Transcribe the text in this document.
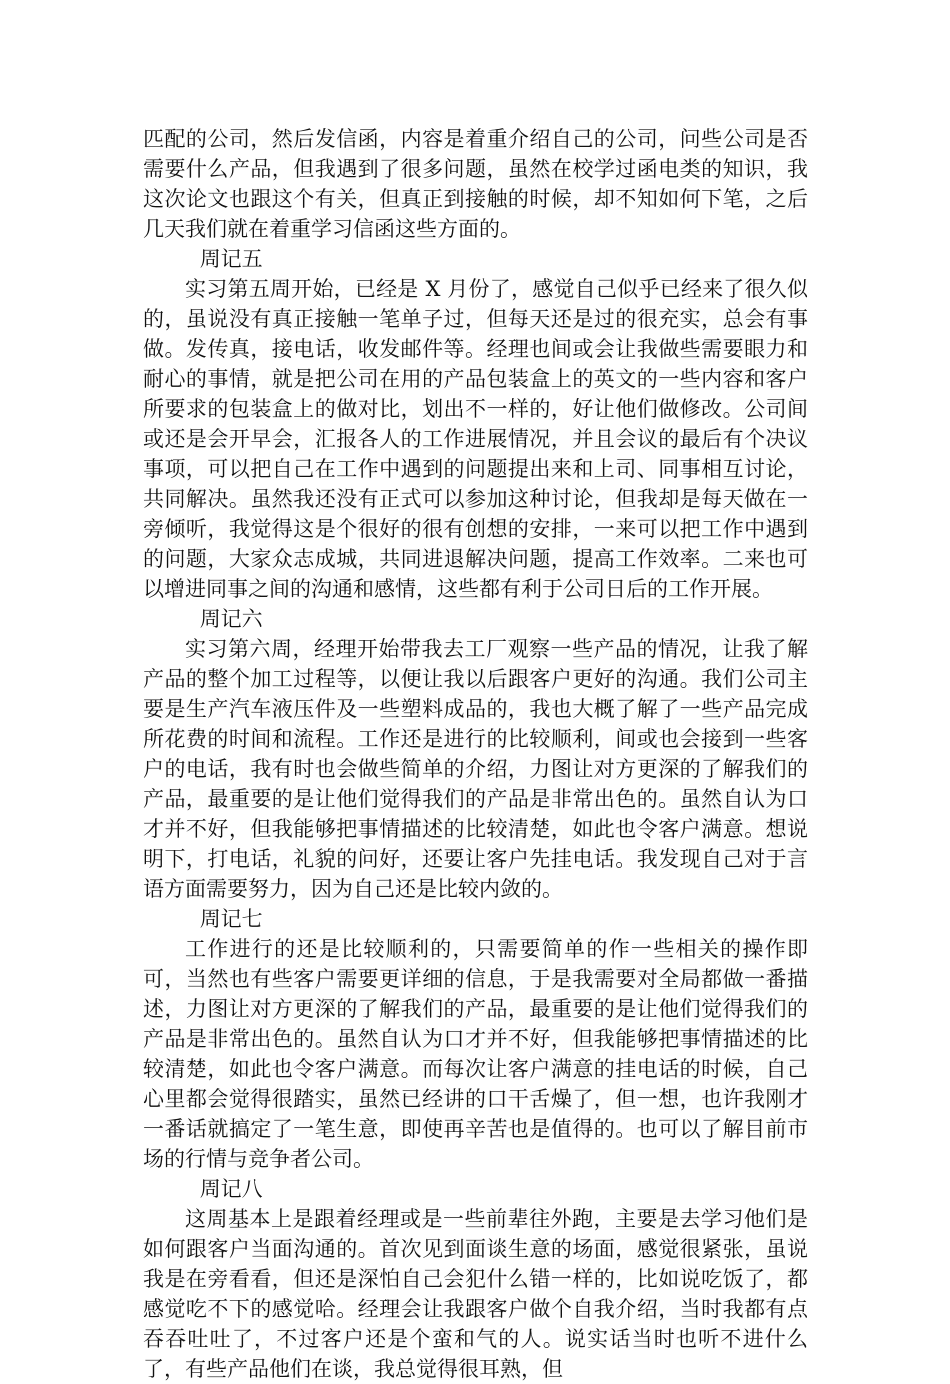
匹配的公司，然后发信函，内容是着重介绍自己的公司，问些公司是否需要什么产品，但我遇到了很多问题，虽然在校学过函电类的知识，我这次论文也跟这个有关，但真正到接触的时候，却不知如何下笔，之后几天我们就在着重学习信函这些方面的。

周记五

实习第五周开始，已经是 X 月份了，感觉自己似乎已经来了很久似的，虽说没有真正接触一笔单子过，但每天还是过的很充实，总会有事做。发传真，接电话，收发邮件等。经理也间或会让我做些需要眼力和耐心的事情，就是把公司在用的产品包装盒上的英文的一些内容和客户所要求的包装盒上的做对比，划出不一样的，好让他们做修改。公司间或还是会开早会，汇报各人的工作进展情况，并且会议的最后有个决议事项，可以把自己在工作中遇到的问题提出来和上司、同事相互讨论，共同解决。虽然我还没有正式可以参加这种讨论，但我却是每天做在一旁倾听，我觉得这是个很好的很有创想的安排，一来可以把工作中遇到的问题，大家众志成城，共同进退解决问题，提高工作效率。二来也可以增进同事之间的沟通和感情，这些都有利于公司日后的工作开展。

周记六

实习第六周，经理开始带我去工厂观察一些产品的情况，让我了解产品的整个加工过程等，以便让我以后跟客户更好的沟通。我们公司主要是生产汽车液压件及一些塑料成品的，我也大概了解了一些产品完成所花费的时间和流程。工作还是进行的比较顺利，间或也会接到一些客户的电话，我有时也会做些简单的介绍，力图让对方更深的了解我们的产品，最重要的是让他们觉得我们的产品是非常出色的。虽然自认为口才并不好，但我能够把事情描述的比较清楚，如此也令客户满意。想说明下，打电话，礼貌的问好，还要让客户先挂电话。我发现自己对于言语方面需要努力，因为自己还是比较内敛的。

周记七

工作进行的还是比较顺利的，只需要简单的作一些相关的操作即可，当然也有些客户需要更详细的信息，于是我需要对全局都做一番描述，力图让对方更深的了解我们的产品，最重要的是让他们觉得我们的产品是非常出色的。虽然自认为口才并不好，但我能够把事情描述的比较清楚，如此也令客户满意。而每次让客户满意的挂电话的时候，自己心里都会觉得很踏实，虽然已经讲的口干舌燥了，但一想，也许我刚才一番话就搞定了一笔生意，即使再辛苦也是值得的。也可以了解目前市场的行情与竞争者公司。

周记八

这周基本上是跟着经理或是一些前辈往外跑，主要是去学习他们是如何跟客户当面沟通的。首次见到面谈生意的场面，感觉很紧张，虽说我是在旁看看，但还是深怕自己会犯什么错一样的，比如说吃饭了，都感觉吃不下的感觉哈。经理会让我跟客户做个自我介绍，当时我都有点吞吞吐吐了，不过客户还是个蛮和气的人。说实话当时也听不进什么了，有些产品他们在谈，我总觉得很耳熟，但
